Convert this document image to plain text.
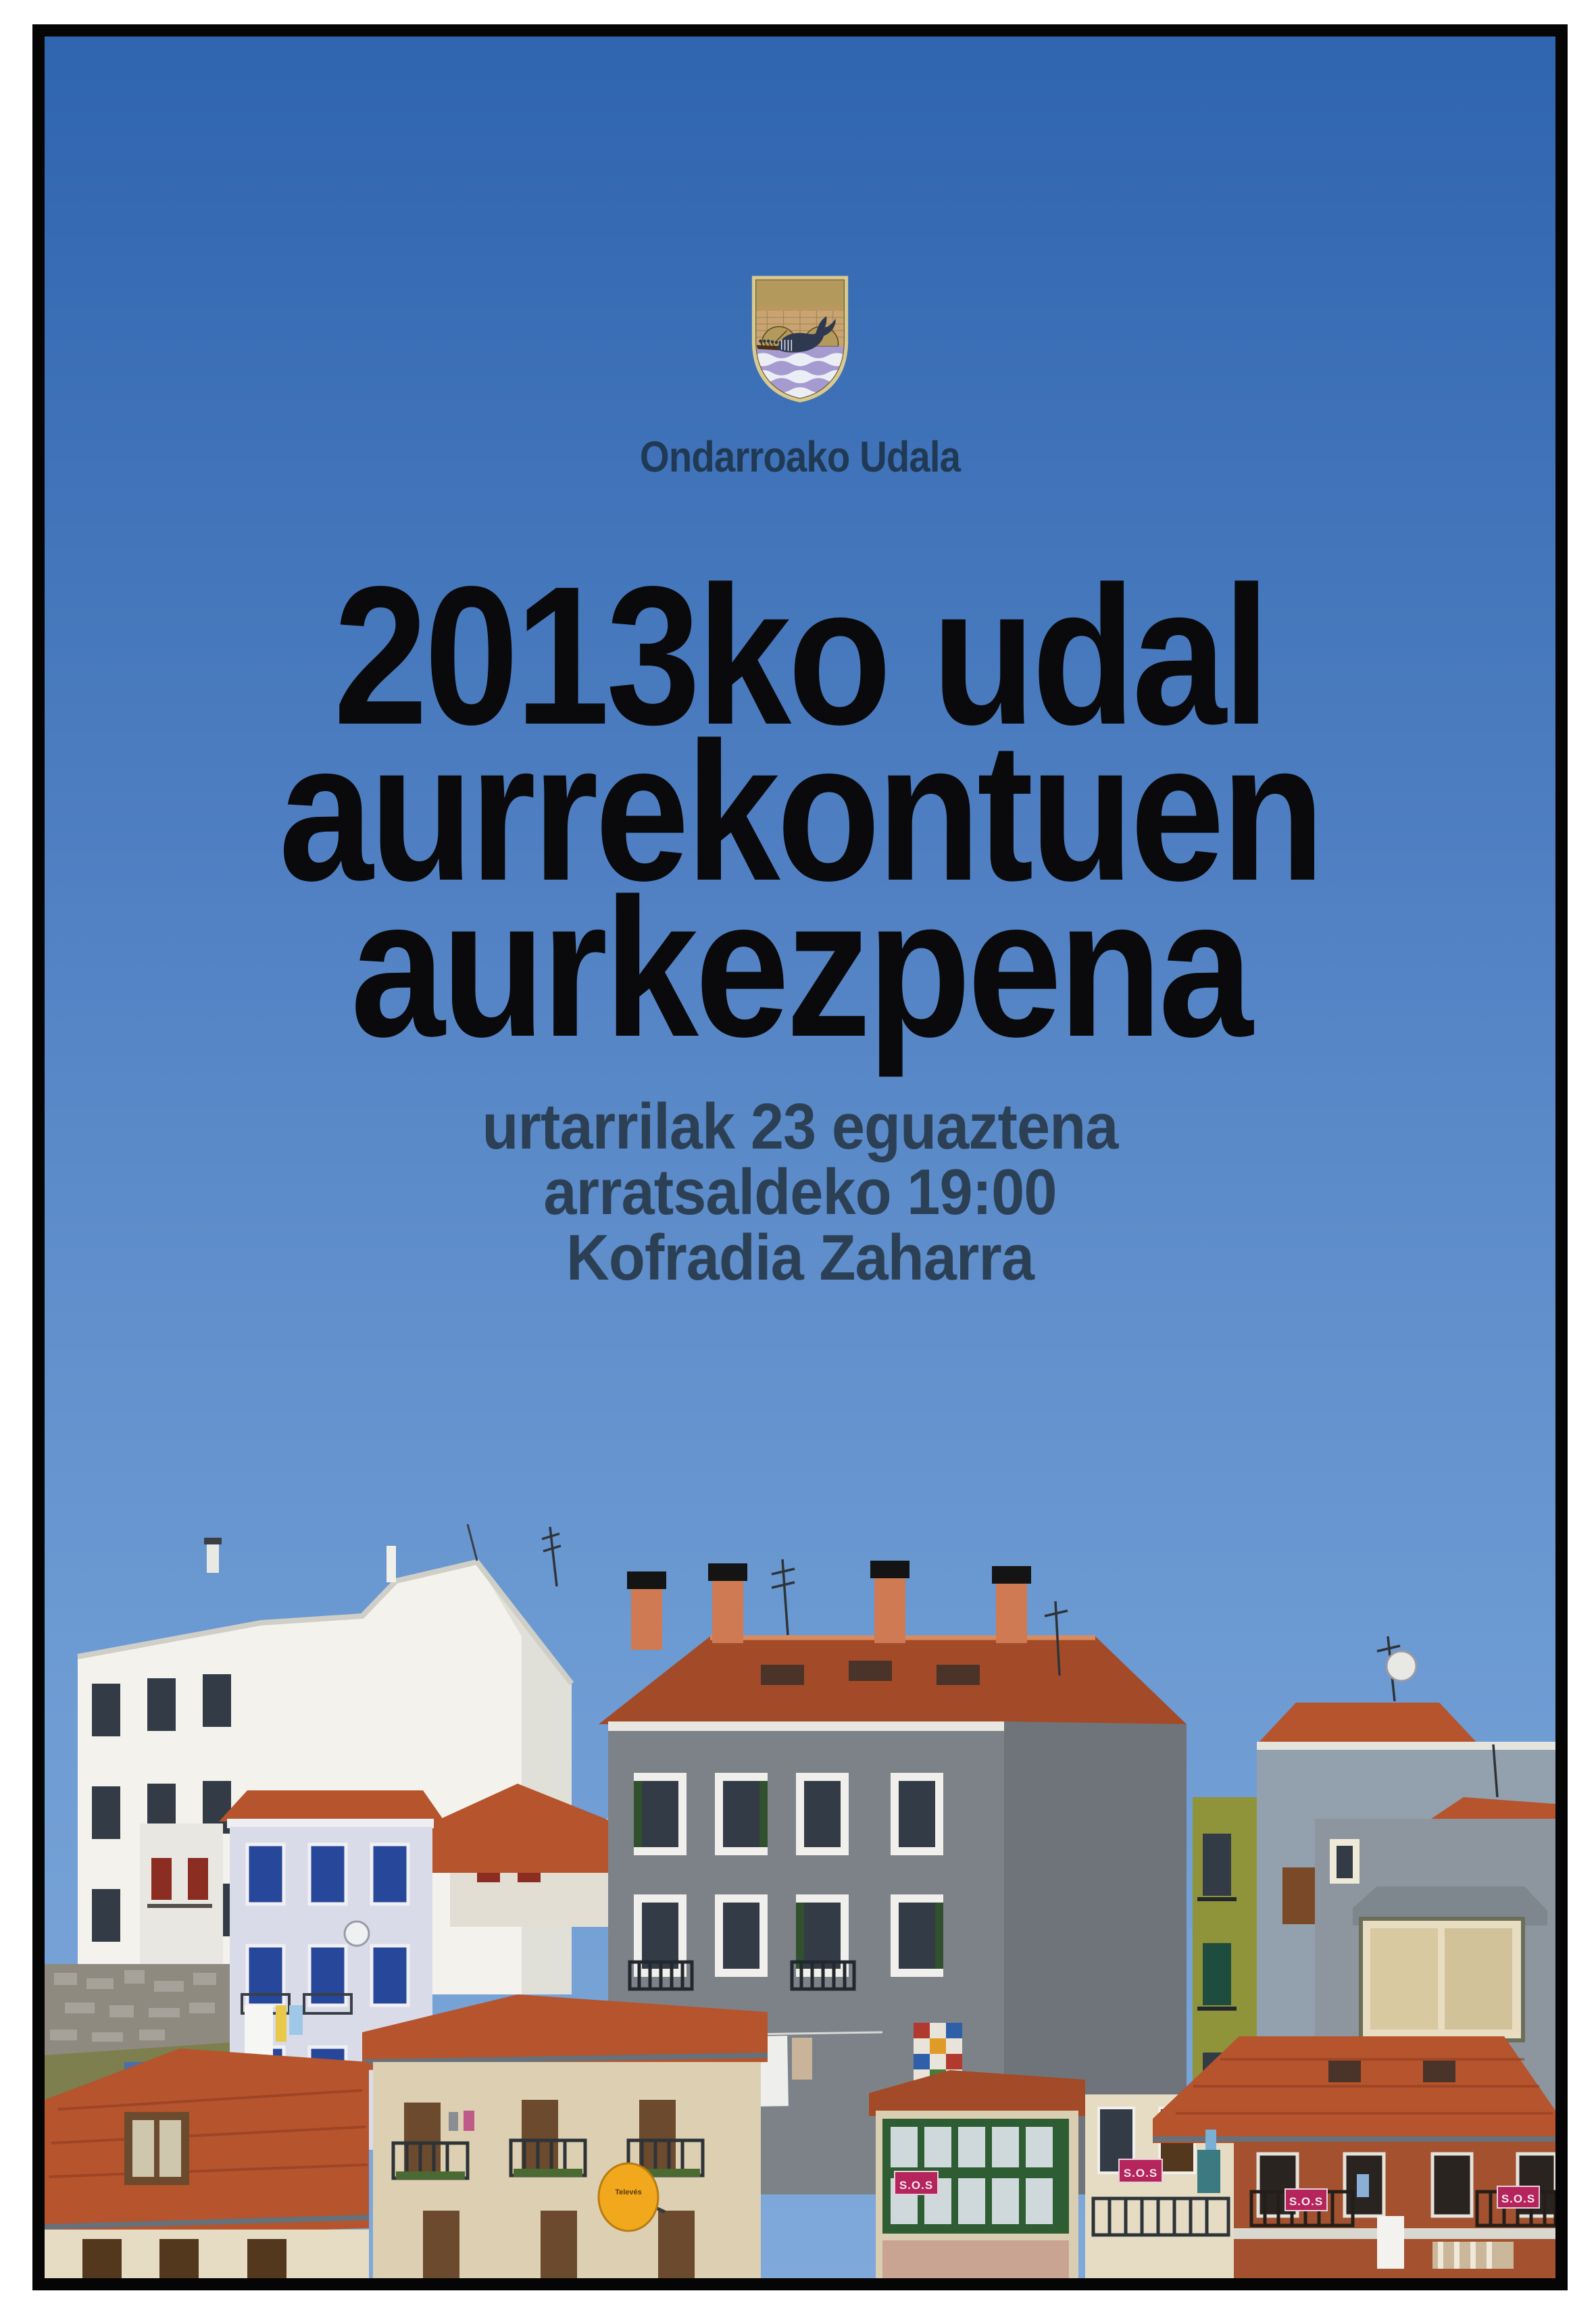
Ondarroako Udala
2013ko udal
aurrekontuen
aurkezpena
urtarrilak 23 eguaztena
arratsaldeko 19:00
Kofradia Zaharra
Televés
S.O.S
S.O.S
S.O.S	S.O.S
